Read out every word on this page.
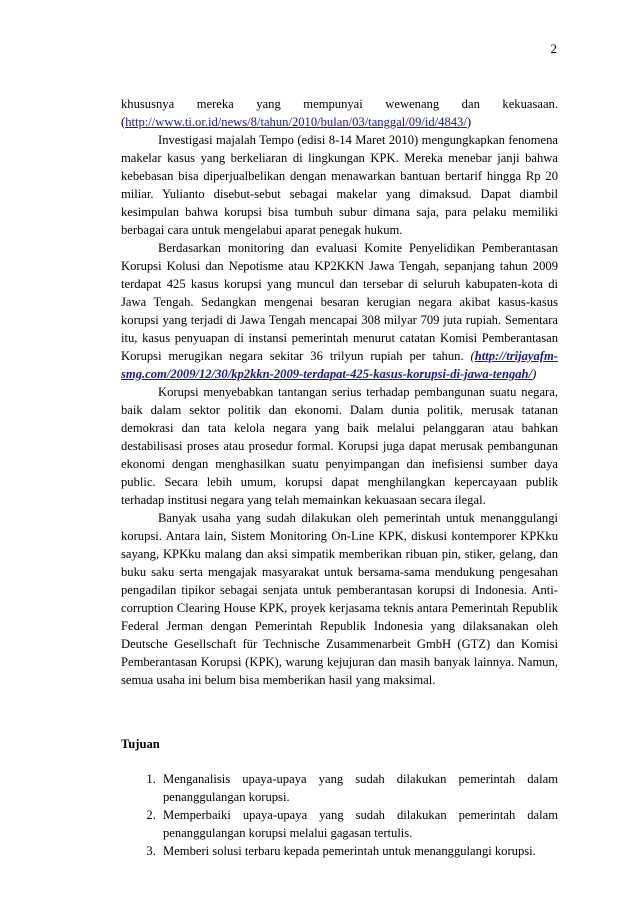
2

khususnya mereka yang mempunyai wewenang dan kekuasaan. (http://www.ti.or.id/news/8/tahun/2010/bulan/03/tanggal/09/id/4843/)

Investigasi majalah Tempo (edisi 8-14 Maret 2010) mengungkapkan fenomena makelar kasus yang berkeliaran di lingkungan KPK. Mereka menebar janji bahwa kebebasan bisa diperjualbelikan dengan menawarkan bantuan bertarif hingga Rp 20 miliar. Yulianto disebut-sebut sebagai makelar yang dimaksud. Dapat diambil kesimpulan bahwa korupsi bisa tumbuh subur dimana saja, para pelaku memiliki berbagai cara untuk mengelabui aparat penegak hukum.

Berdasarkan monitoring dan evaluasi Komite Penyelidikan Pemberantasan Korupsi Kolusi dan Nepotisme atau KP2KKN Jawa Tengah, sepanjang tahun 2009 terdapat 425 kasus korupsi yang muncul dan tersebar di seluruh kabupaten-kota di Jawa Tengah. Sedangkan mengenai besaran kerugian negara akibat kasus-kasus korupsi yang terjadi di Jawa Tengah mencapai 308 milyar 709 juta rupiah. Sementara itu, kasus penyuapan di instansi pemerintah menurut catatan Komisi Pemberantasan Korupsi merugikan negara sekitar 36 trilyun rupiah per tahun. (http://trijayafm-smg.com/2009/12/30/kp2kkn-2009-terdapat-425-kasus-korupsi-di-jawa-tengah/)

Korupsi menyebabkan tantangan serius terhadap pembangunan suatu negara, baik dalam sektor politik dan ekonomi. Dalam dunia politik, merusak tatanan demokrasi dan tata kelola negara yang baik melalui pelanggaran atau bahkan destabilisasi proses atau prosedur formal. Korupsi juga dapat merusak pembangunan ekonomi dengan menghasilkan suatu penyimpangan dan inefisiensi sumber daya public. Secara lebih umum, korupsi dapat menghilangkan kepercayaan publik terhadap institusi negara yang telah memainkan kekuasaan secara ilegal.

Banyak usaha yang sudah dilakukan oleh pemerintah untuk menanggulangi korupsi. Antara lain, Sistem Monitoring On-Line KPK, diskusi kontemporer KPKku sayang, KPKku malang dan aksi simpatik memberikan ribuan pin, stiker, gelang, dan buku saku serta mengajak masyarakat untuk bersama-sama mendukung pengesahan pengadilan tipikor sebagai senjata untuk pemberantasan korupsi di Indonesia. Anti-corruption Clearing House KPK, proyek kerjasama teknis antara Pemerintah Republik Federal Jerman dengan Pemerintah Republik Indonesia yang dilaksanakan oleh Deutsche Gesellschaft für Technische Zusammenarbeit GmbH (GTZ) dan Komisi Pemberantasan Korupsi (KPK), warung kejujuran dan masih banyak lainnya. Namun, semua usaha ini belum bisa memberikan hasil yang maksimal.

Tujuan

1. Menganalisis upaya-upaya yang sudah dilakukan pemerintah dalam penanggulangan korupsi.
2. Memperbaiki upaya-upaya yang sudah dilakukan pemerintah dalam penanggulangan korupsi melalui gagasan tertulis.
3. Memberi solusi terbaru kepada pemerintah untuk menanggulangi korupsi.
